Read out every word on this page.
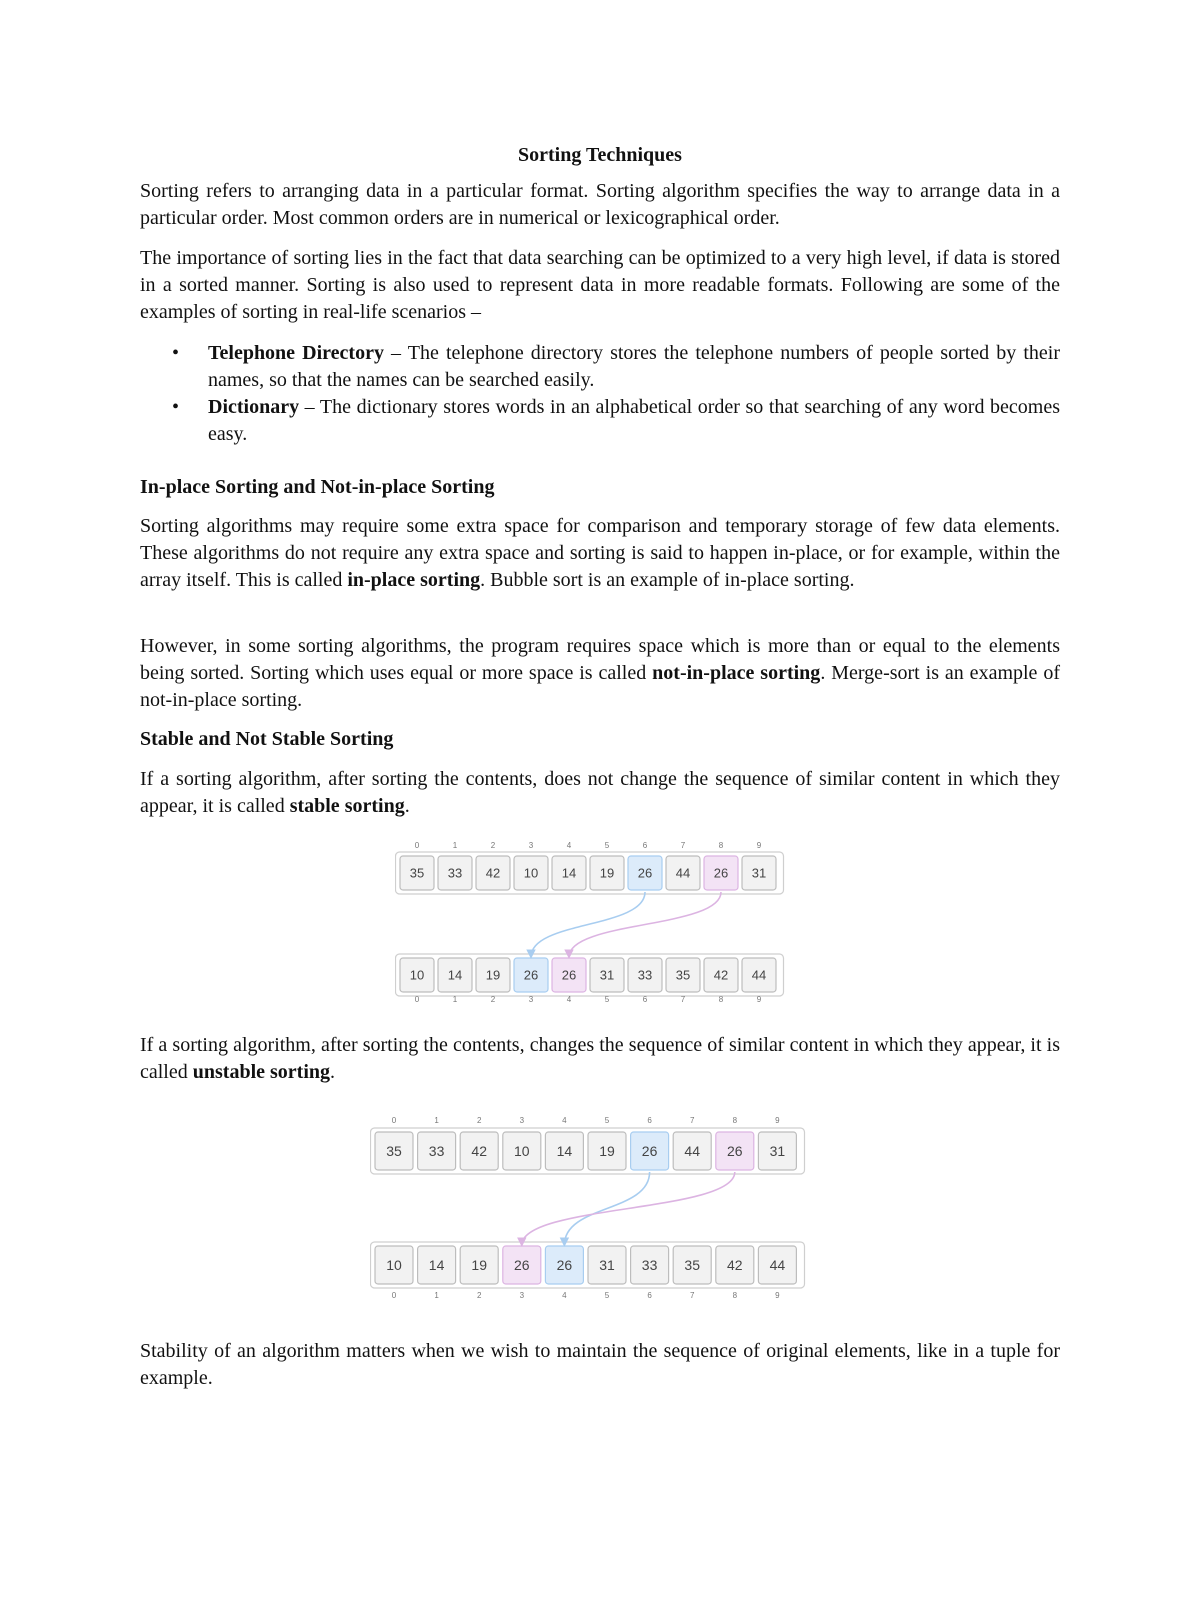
Sorting Techniques

Sorting refers to arranging data in a particular format. Sorting algorithm specifies the way to arrange data in a particular order. Most common orders are in numerical or lexicographical order.

The importance of sorting lies in the fact that data searching can be optimized to a very high level, if data is stored in a sorted manner. Sorting is also used to represent data in more readable formats. Following are some of the examples of sorting in real-life scenarios –

• Telephone Directory – The telephone directory stores the telephone numbers of people sorted by their names, so that the names can be searched easily.
• Dictionary – The dictionary stores words in an alphabetical order so that searching of any word becomes easy.
In-place Sorting and Not-in-place Sorting

Sorting algorithms may require some extra space for comparison and temporary storage of few data elements. These algorithms do not require any extra space and sorting is said to happen in-place, or for example, within the array itself. This is called in-place sorting. Bubble sort is an example of in-place sorting.

However, in some sorting algorithms, the program requires space which is more than or equal to the elements being sorted. Sorting which uses equal or more space is called not-in-place sorting. Merge-sort is an example of not-in-place sorting.

Stable and Not Stable Sorting

If a sorting algorithm, after sorting the contents, does not change the sequence of similar content in which they appear, it is called stable sorting.

0	1	2	3	4	5	6	7	8	9
35 33 42 10 14 19 26 44 26 31
10 14 19 26 26 31 33 35 42 44
0	1	2	3	4	5	6	7	8	9

If a sorting algorithm, after sorting the contents, changes the sequence of similar content in which they appear, it is called unstable sorting.

0	1	2	3	4	5	6	7	8	9
35 33 42 10 14 19 26 44 26 31
10 14 19 26 26 31 33 35 42 44
0	1	2	3	4	5	6	7	8	9

Stability of an algorithm matters when we wish to maintain the sequence of original elements, like in a tuple for example.
